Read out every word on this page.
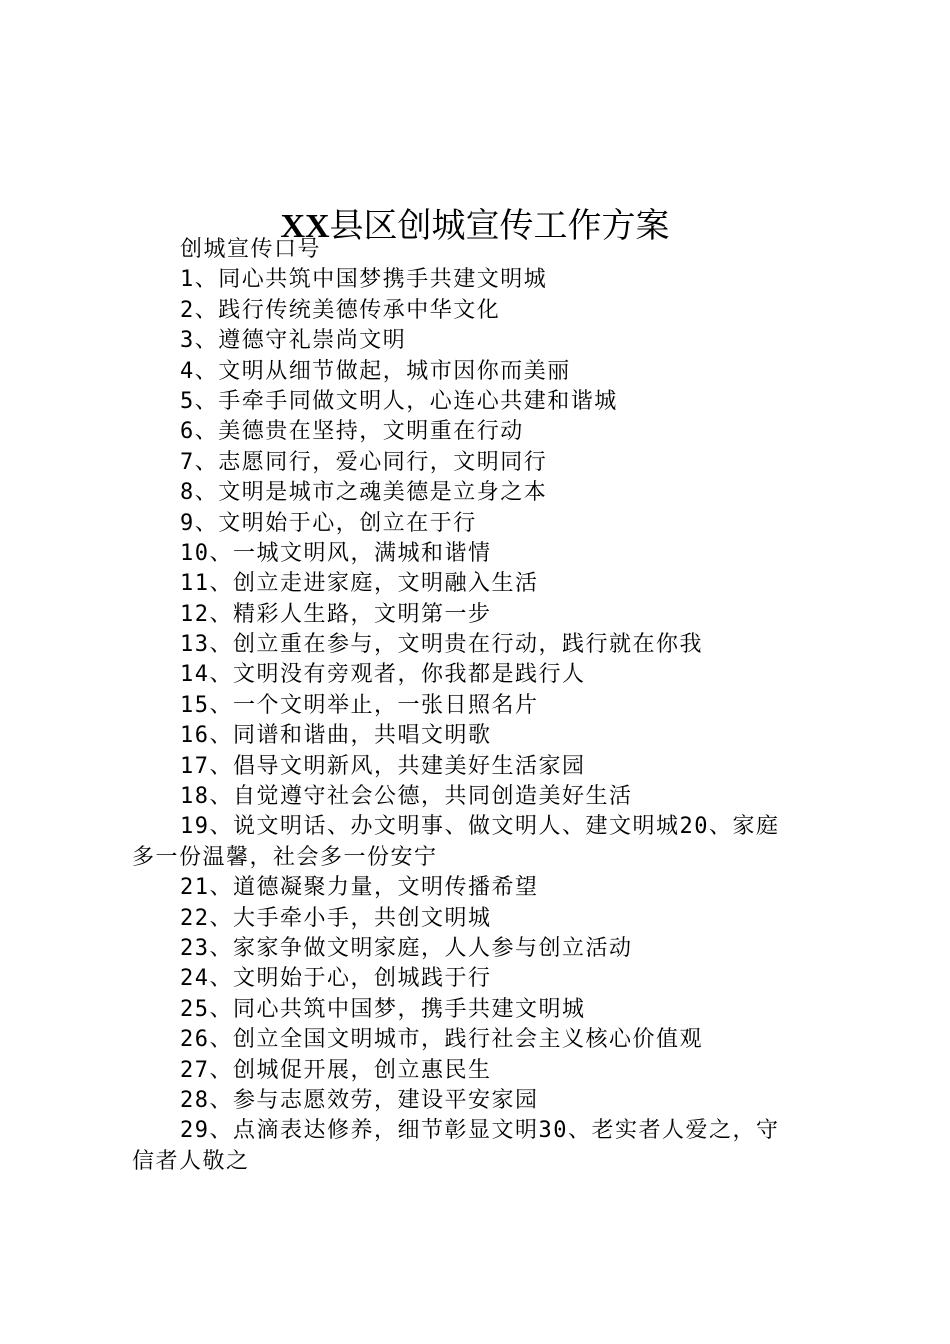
XX县区创城宣传工作方案
创城宣传口号
1、同心共筑中国梦携手共建文明城
2、践行传统美德传承中华文化
3、遵德守礼崇尚文明
4、文明从细节做起，城市因你而美丽
5、手牵手同做文明人，心连心共建和谐城
6、美德贵在坚持，文明重在行动
7、志愿同行，爱心同行，文明同行
8、文明是城市之魂美德是立身之本
9、文明始于心，创立在于行
10、一城文明风，满城和谐情
11、创立走进家庭，文明融入生活
12、精彩人生路，文明第一步
13、创立重在参与，文明贵在行动，践行就在你我
14、文明没有旁观者，你我都是践行人
15、一个文明举止，一张日照名片
16、同谱和谐曲，共唱文明歌
17、倡导文明新风，共建美好生活家园
18、自觉遵守社会公德，共同创造美好生活
19、说文明话、办文明事、做文明人、建文明城20、家庭
多一份温馨，社会多一份安宁
21、道德凝聚力量，文明传播希望
22、大手牵小手，共创文明城
23、家家争做文明家庭，人人参与创立活动
24、文明始于心，创城践于行
25、同心共筑中国梦，携手共建文明城
26、创立全国文明城市，践行社会主义核心价值观
27、创城促开展，创立惠民生
28、参与志愿效劳，建设平安家园
29、点滴表达修养，细节彰显文明30、老实者人爱之，守
信者人敬之
